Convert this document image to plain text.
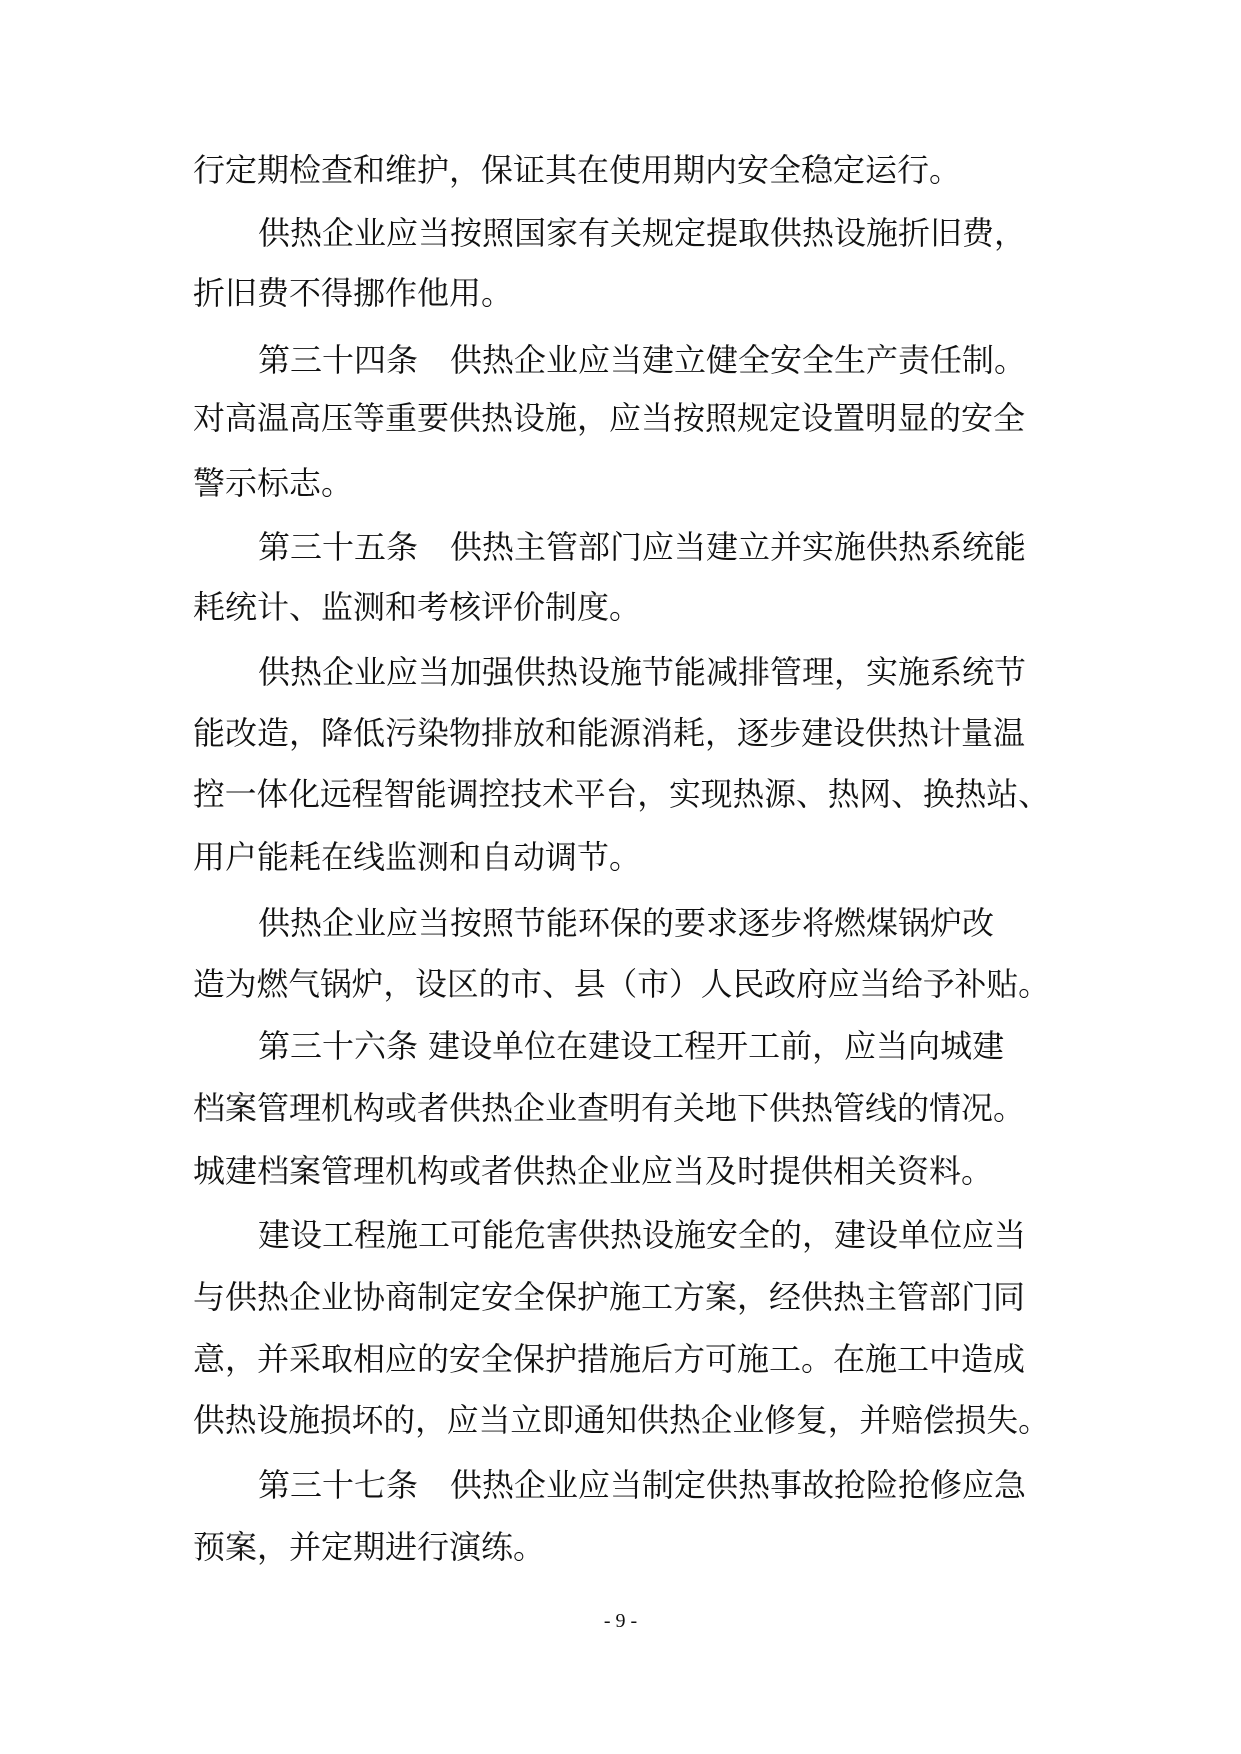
行定期检查和维护，保证其在使用期内安全稳定运行。
供热企业应当按照国家有关规定提取供热设施折旧费，
折旧费不得挪作他用。
第三十四条　供热企业应当建立健全安全生产责任制。
对高温高压等重要供热设施，应当按照规定设置明显的安全
警示标志。
第三十五条　供热主管部门应当建立并实施供热系统能
耗统计、监测和考核评价制度。
供热企业应当加强供热设施节能减排管理，实施系统节
能改造，降低污染物排放和能源消耗，逐步建设供热计量温
控一体化远程智能调控技术平台，实现热源、热网、换热站、
用户能耗在线监测和自动调节。
供热企业应当按照节能环保的要求逐步将燃煤锅炉改
造为燃气锅炉，设区的市、县（市）人民政府应当给予补贴。
第三十六条 建设单位在建设工程开工前，应当向城建
档案管理机构或者供热企业查明有关地下供热管线的情况。
城建档案管理机构或者供热企业应当及时提供相关资料。
建设工程施工可能危害供热设施安全的，建设单位应当
与供热企业协商制定安全保护施工方案，经供热主管部门同
意，并采取相应的安全保护措施后方可施工。在施工中造成
供热设施损坏的，应当立即通知供热企业修复，并赔偿损失。
第三十七条　供热企业应当制定供热事故抢险抢修应急
预案，并定期进行演练。
- 9 -
